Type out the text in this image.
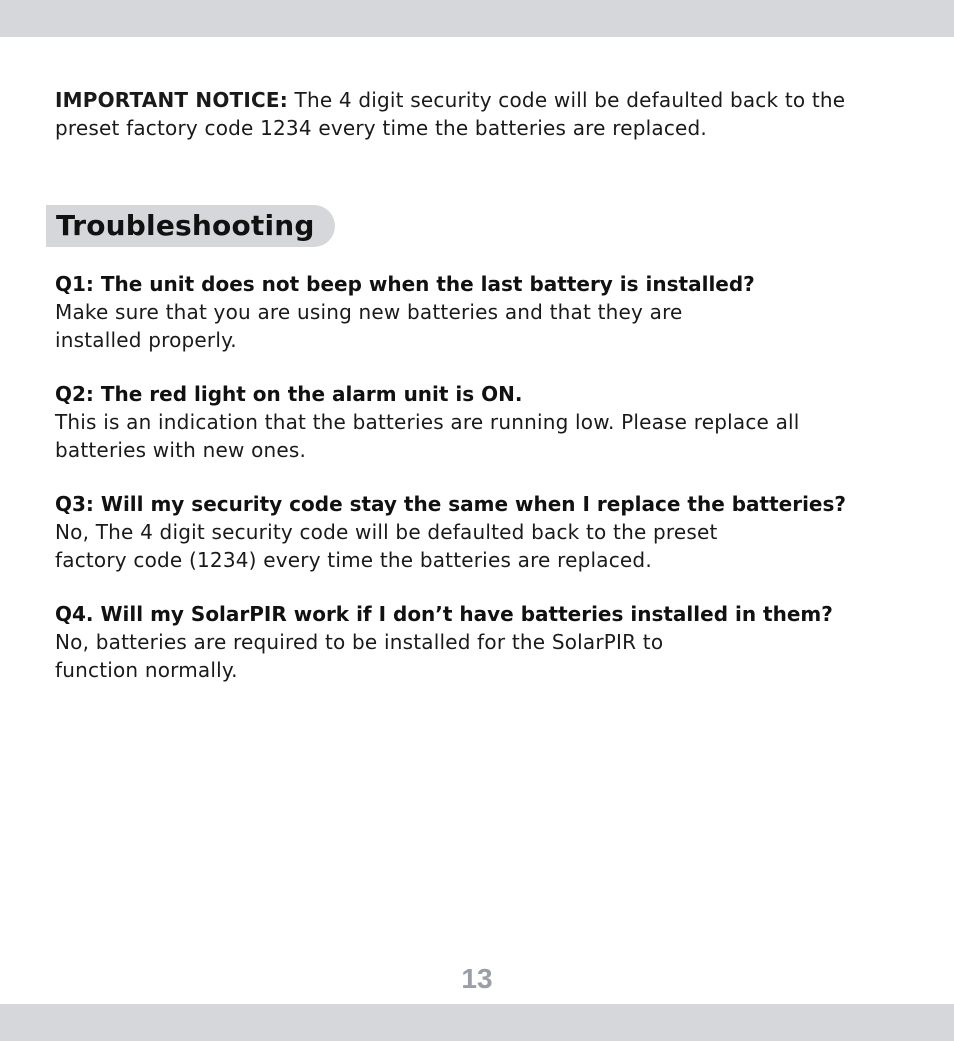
IMPORTANT NOTICE: The 4 digit security code will be defaulted back to the preset factory code 1234 every time the batteries are replaced.
Troubleshooting
Q1: The unit does not beep when the last battery is installed?
Make sure that you are using new batteries and that they are
installed properly.
Q2: The red light on the alarm unit is ON.
This is an indication that the batteries are running low. Please replace all
batteries with new ones.
Q3: Will my security code stay the same when I replace the batteries?
No, The 4 digit security code will be defaulted back to the preset
factory code (1234) every time the batteries are replaced.
Q4. Will my SolarPIR work if I don’t have batteries installed in them?
No, batteries are required to be installed for the SolarPIR to
function normally.
13
